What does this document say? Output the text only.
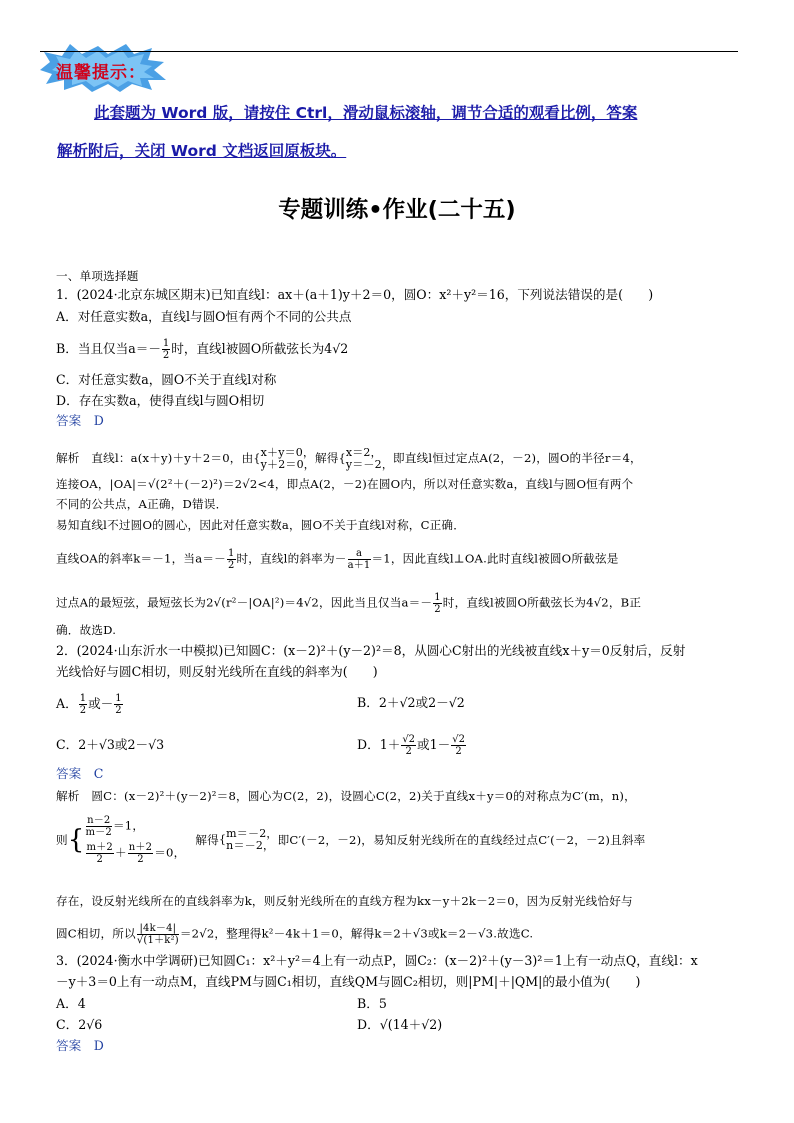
温馨提示：
此套题为 Word 版，请按住 Ctrl，滑动鼠标滚轴，调节合适的观看比例，答案
解析附后，关闭 Word 文档返回原板块。
专题训练•作业(二十五)
一、单项选择题
1．(2024·北京东城区期末)已知直线l：ax＋(a＋1)y＋2＝0，圆O：x²＋y²＝16，下列说法错误的是(　　)
A．对任意实数a，直线l与圆O恒有两个不同的公共点
B．当且仅当$a=- \frac{1}{2}$ 时，直线l被圆O所截弦长为4√2
C．对任意实数a，圆O不关于直线l对称
D．存在实数a，使得直线l与圆O相切
答案　D
解析　直线l：a(x＋y)＋y＋2＝0，由{ x＋y＝0，
y＋2＝0， 解得{ x＝2，
y＝－2， 即直线l恒过定点A(2，－2)，圆O的半径r＝4，
连接OA，|OA|＝√(2²＋(－2)²)＝2√2<4，即点A(2，－2)在圆O内，所以对任意实数a，直线l与圆O恒有两个
不同的公共点，A正确，D错误．
易知直线l不过圆O的圆心，因此对任意实数a，圆O不关于直线l对称，C正确．
直线OA的斜率k＝－1，当$a=- \frac{1}{2}$ 时，直线l的斜率为－ $\frac{a}{a+1} =1$，因此直线l⊥OA.此时直线l被圆O所截弦是
过点A的最短弦，最短弦长为2√(r²－|OA|²)＝4√2，因此当且仅当$a=- \frac{1}{2}$ 时，直线l被圆O所截弦长为4√2，B正
确．故选D.
2．(2024·山东沂水一中模拟)已知圆C：(x－2)²＋(y－2)²＝8，从圆心C射出的光线被直线x＋y＝0反射后，反射
光线恰好与圆C相切，则反射光线所在直线的斜率为(　　)
A． $\frac{1}{2}$ 或－ $\frac{1}{2}$	B．2＋√2或2－√2
C．2＋√3或2－√3	D．$1+ \frac{√2}{2}$ 或$1- \frac{√2}{2}$
答案　C
解析　圆C：(x－2)²＋(y－2)²＝8，圆心为C(2，2)，设圆心C(2，2)关于直线x＋y＝0的对称点为C′(m，n)，
则{ $\frac{n-2}{m-2} =1$，
$\frac{m+2}{2} + \frac{n+2}{2} =0$，
解得{ m＝－2，
n＝－2， 即C′(－2，－2)，易知反射光线所在的直线经过点C′(－2，－2)且斜率
存在，设反射光线所在的直线斜率为k，则反射光线所在的直线方程为kx－y＋2k－2＝0，因为反射光线恰好与
圆C相切，所以 $\frac{|4k-4|}{\text{√(1＋k²)}} =2√2$，整理得k²－4k＋1＝0，解得k＝2＋√3或k＝2－√3.故选C.
3．(2024·衡水中学调研)已知圆C₁：x²＋y²＝4上有一动点P，圆C₂：(x－2)²＋(y－3)²＝1上有一动点Q，直线l：x
－y＋3＝0上有一动点M，直线PM与圆C₁相切，直线QM与圆C₂相切，则|PM|＋|QM|的最小值为(　　)
A．4	B．5
C．2√6	D．√(14＋√2)
答案　D
